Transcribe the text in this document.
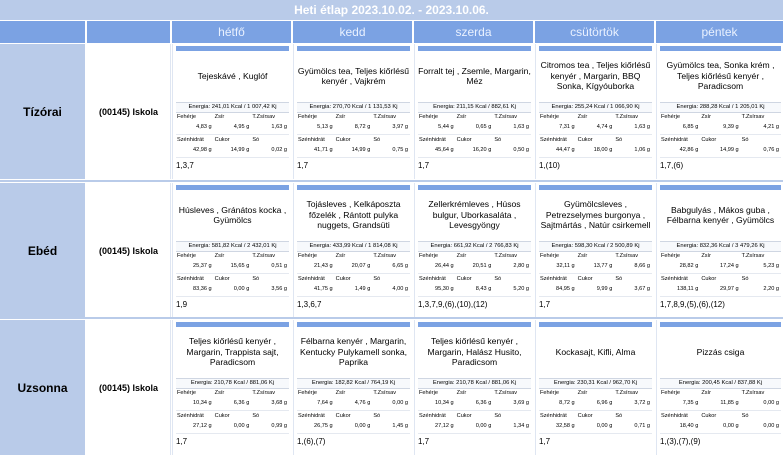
Heti étlap 2023.10.02. - 2023.10.06.
hétfő	kedd	szerda	csütörtök	péntek
Tízórai	(00145) Iskola
Tejeskávé , Kuglóf
Energia: 241,01 Kcal / 1 007,42 Kj
Fehérje	Zsír	T.Zsírsav
4,83 g	4,95 g	1,63 g
Szénhidrát Cukor	Só
42,98 g	14,99 g	0,02 g
1,3,7
Gyümölcs tea, Teljes kiőrlésű kenyér , Vajkrém
Energia: 270,70 Kcal / 1 131,53 Kj
Fehérje	Zsír	T.Zsírsav
5,13 g	8,72 g	3,97 g
Szénhidrát Cukor	Só
41,71 g	14,99 g	0,75 g
1,7
Forralt tej , Zsemle, Margarin, Méz
Energia: 211,15 Kcal / 882,61 Kj
Fehérje	Zsír	T.Zsírsav
5,44 g	0,65 g	1,63 g
Szénhidrát Cukor	Só
45,64 g	16,20 g	0,50 g
1,7
Citromos tea , Teljes kiőrlésű kenyér , Margarin, BBQ Sonka, Kígyóuborka
Energia: 255,24 Kcal / 1 066,90 Kj
Fehérje	Zsír	T.Zsírsav
7,31 g	4,74 g	1,63 g
Szénhidrát Cukor	Só
44,47 g	18,00 g	1,06 g
1,(10)
Gyümölcs tea, Sonka krém , Teljes kiőrlésű kenyér , Paradicsom
Energia: 288,28 Kcal / 1 205,01 Kj
Fehérje	Zsír	T.Zsírsav
6,85 g	9,39 g	4,21 g
Szénhidrát Cukor	Só
42,86 g	14,99 g	0,76 g
1,7,(6)
Ebéd	(00145) Iskola
Húsleves , Gránátos kocka , Gyümölcs
Energia: 581,82 Kcal / 2 432,01 Kj
Fehérje	Zsír	T.Zsírsav
25,37 g	15,65 g	0,51 g
Szénhidrát Cukor	Só
83,36 g	0,00 g	3,56 g
1,9
Tojásleves , Kelkáposzta főzelék , Rántott pulyka nuggets, Grandsüti
Energia: 433,99 Kcal / 1 814,08 Kj
Fehérje	Zsír	T.Zsírsav
21,43 g	20,07 g	6,65 g
Szénhidrát Cukor	Só
41,75 g	1,49 g	4,00 g
1,3,6,7
Zellerkrémleves , Húsos bulgur, Uborkasaláta , Levesgyöngy
Energia: 661,92 Kcal / 2 766,83 Kj
Fehérje	Zsír	T.Zsírsav
26,44 g	20,51 g	2,80 g
Szénhidrát Cukor	Só
95,30 g	8,43 g	5,20 g
1,3,7,9,(6),(10),(12)
Gyümölcsleves , Petrezselymes burgonya , Sajtmártás , Natúr csirkemell
Energia: 598,30 Kcal / 2 500,89 Kj
Fehérje	Zsír	T.Zsírsav
32,11 g	13,77 g	8,66 g
Szénhidrát Cukor	Só
84,95 g	9,99 g	3,67 g
1,7
Babgulyás , Mákos guba , Félbarna kenyér , Gyümölcs
Energia: 832,36 Kcal / 3 479,26 Kj
Fehérje	Zsír	T.Zsírsav
28,82 g	17,24 g	5,23 g
Szénhidrát Cukor	Só
138,11 g	29,97 g	2,20 g
1,7,8,9,(5),(6),(12)
Uzsonna	(00145) Iskola
Teljes kiőrlésű kenyér , Margarin, Trappista sajt, Paradicsom
Energia: 210,78 Kcal / 881,06 Kj
Fehérje	Zsír	T.Zsírsav
10,34 g	6,36 g	3,68 g
Szénhidrát Cukor	Só
27,12 g	0,00 g	0,99 g
1,7
Félbarna kenyér , Margarin, Kentucky Pulykamell sonka, Paprika
Energia: 182,82 Kcal / 764,19 Kj
Fehérje	Zsír	T.Zsírsav
7,64 g	4,76 g	0,00 g
Szénhidrát Cukor	Só
26,75 g	0,00 g	1,45 g
1,(6),(7)
Teljes kiőrlésű kenyér , Margarin, Halász Husito, Paradicsom
Energia: 210,78 Kcal / 881,06 Kj
Fehérje	Zsír	T.Zsírsav
10,34 g	6,36 g	3,69 g
Szénhidrát Cukor	Só
27,12 g	0,00 g	1,34 g
1,7
Kockasajt, Kifli, Alma
Energia: 230,31 Kcal / 962,70 Kj
Fehérje	Zsír	T.Zsírsav
8,72 g	6,96 g	3,72 g
Szénhidrát Cukor	Só
32,58 g	0,00 g	0,71 g
1,7
Pizzás csiga
Energia: 200,45 Kcal / 837,88 Kj
Fehérje	Zsír	T.Zsírsav
7,35 g	11,85 g	0,00 g
Szénhidrát Cukor	Só
18,40 g	0,00 g	0,00 g
1,(3),(7),(9)
